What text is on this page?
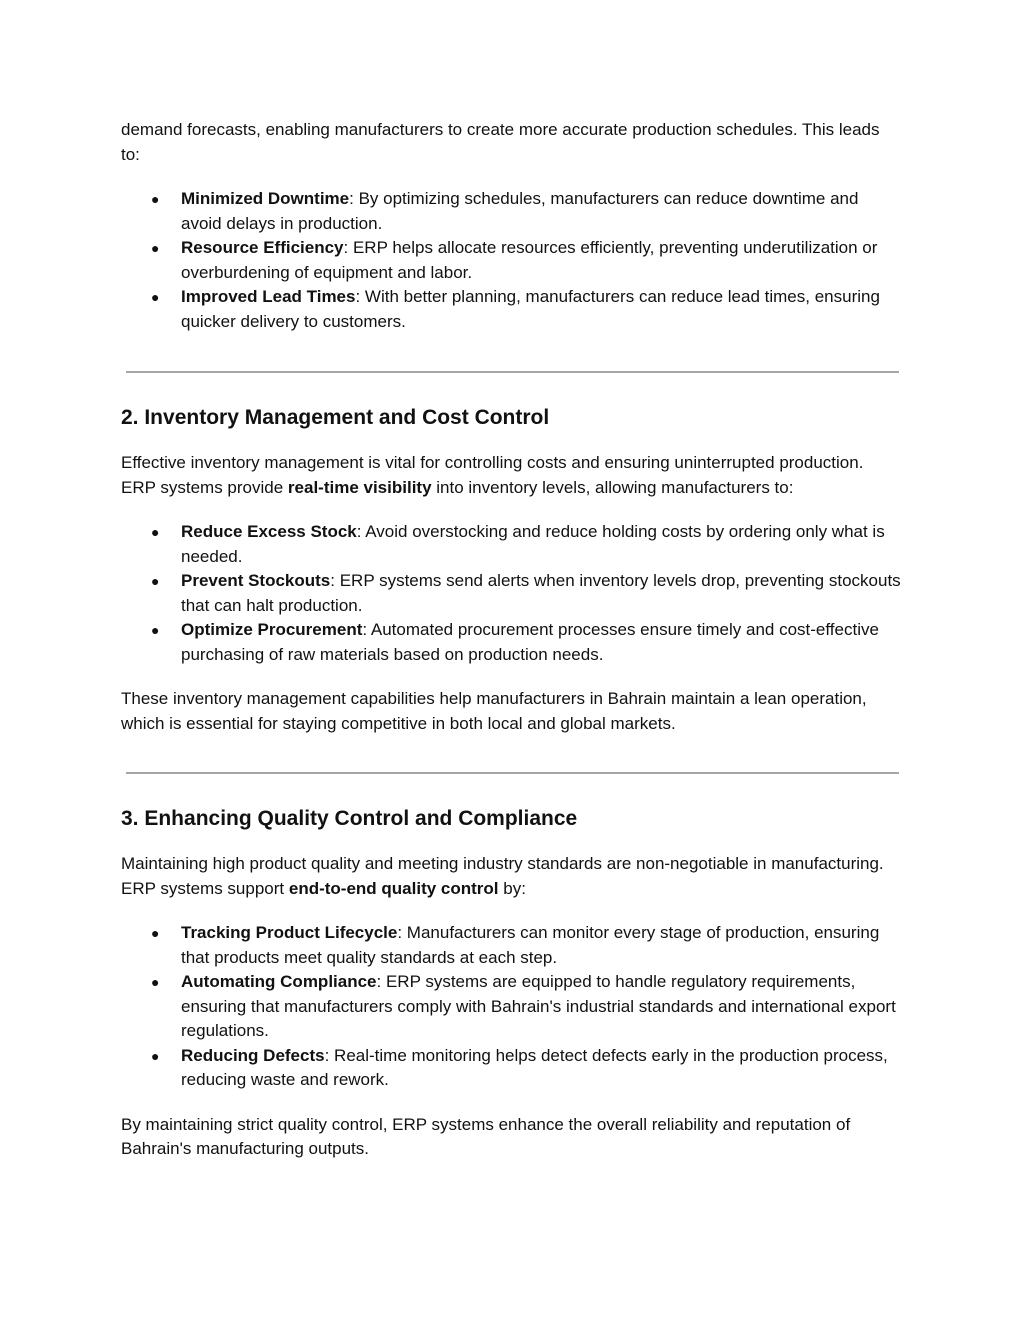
demand forecasts, enabling manufacturers to create more accurate production schedules. This leads to:

● Minimized Downtime: By optimizing schedules, manufacturers can reduce downtime and avoid delays in production.
● Resource Efficiency: ERP helps allocate resources efficiently, preventing underutilization or overburdening of equipment and labor.
● Improved Lead Times: With better planning, manufacturers can reduce lead times, ensuring quicker delivery to customers.
2. Inventory Management and Cost Control

Effective inventory management is vital for controlling costs and ensuring uninterrupted production. ERP systems provide real-time visibility into inventory levels, allowing manufacturers to:

● Reduce Excess Stock: Avoid overstocking and reduce holding costs by ordering only what is needed.
● Prevent Stockouts: ERP systems send alerts when inventory levels drop, preventing stockouts that can halt production.
● Optimize Procurement: Automated procurement processes ensure timely and cost-effective purchasing of raw materials based on production needs.

These inventory management capabilities help manufacturers in Bahrain maintain a lean operation, which is essential for staying competitive in both local and global markets.

3. Enhancing Quality Control and Compliance

Maintaining high product quality and meeting industry standards are non-negotiable in manufacturing. ERP systems support end-to-end quality control by:

● Tracking Product Lifecycle: Manufacturers can monitor every stage of production, ensuring that products meet quality standards at each step.
● Automating Compliance: ERP systems are equipped to handle regulatory requirements, ensuring that manufacturers comply with Bahrain's industrial standards and international export regulations.
● Reducing Defects: Real-time monitoring helps detect defects early in the production process, reducing waste and rework.

By maintaining strict quality control, ERP systems enhance the overall reliability and reputation of Bahrain's manufacturing outputs.
